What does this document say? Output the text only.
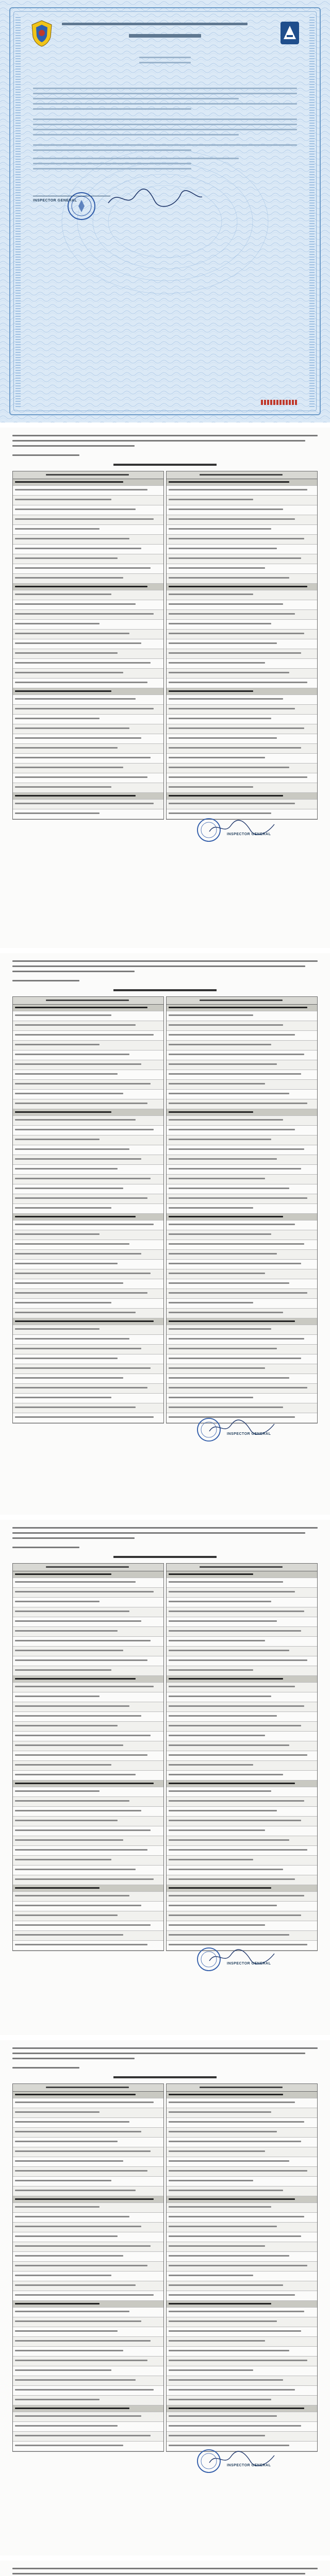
INSPECTOR GENERAL
INSPECTOR GENERAL
INSPECTOR GENERAL
INSPECTOR GENERAL
INSPECTOR GENERAL
